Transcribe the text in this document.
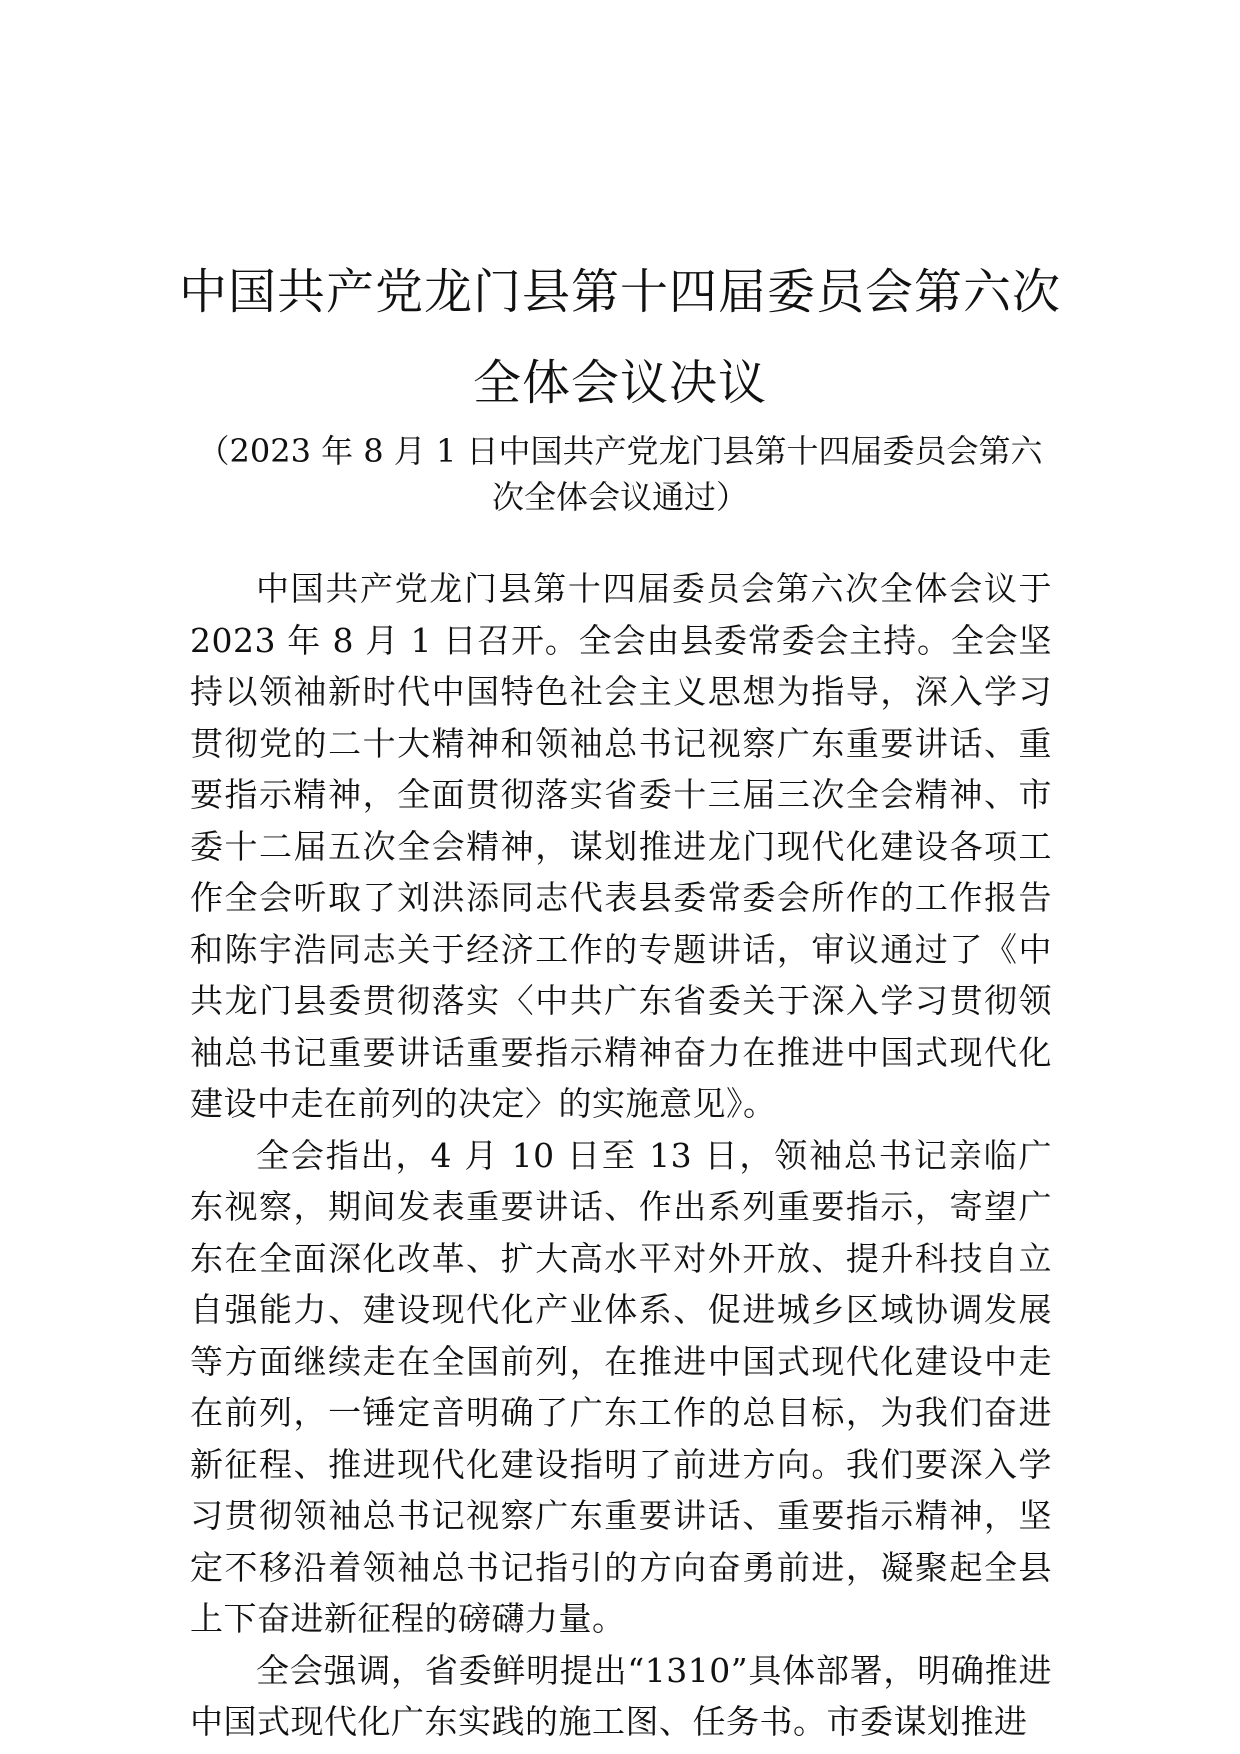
中国共产党龙门县第十四届委员会第六次
全体会议决议

（2023 年 8 月 1 日中国共产党龙门县第十四届委员会第六

次全体会议通过）

中国共产党龙门县第十四届委员会第六次全体会议于 2023 年 8 月 1 日召开。全会由县委常委会主持。全会坚持以领袖新时代中国特色社会主义思想为指导，深入学习贯彻党的二十大精神和领袖总书记视察广东重要讲话、重要指示精神，全面贯彻落实省委十三届三次全会精神、市委十二届五次全会精神，谋划推进龙门现代化建设各项工作全会听取了刘洪添同志代表县委常委会所作的工作报告和陈宇浩同志关于经济工作的专题讲话，审议通过了《中共龙门县委贯彻落实〈中共广东省委关于深入学习贯彻领袖总书记重要讲话重要指示精神奋力在推进中国式现代化建设中走在前列的决定〉的实施意见》。

全会指出，4 月 10 日至 13 日，领袖总书记亲临广东视察，期间发表重要讲话、作出系列重要指示，寄望广东在全面深化改革、扩大高水平对外开放、提升科技自立自强能力、建设现代化产业体系、促进城乡区域协调发展等方面继续走在全国前列，在推进中国式现代化建设中走在前列，一锤定音明确了广东工作的总目标，为我们奋进新征程、推进现代化建设指明了前进方向。我们要深入学习贯彻领袖总书记视察广东重要讲话、重要指示精神，坚定不移沿着领袖总书记指引的方向奋勇前进，凝聚起全县上下奋进新征程的磅礴力量。

全会强调，省委鲜明提出“1310”具体部署，明确推进中国式现代化广东实践的施工图、任务书。市委谋划推进
